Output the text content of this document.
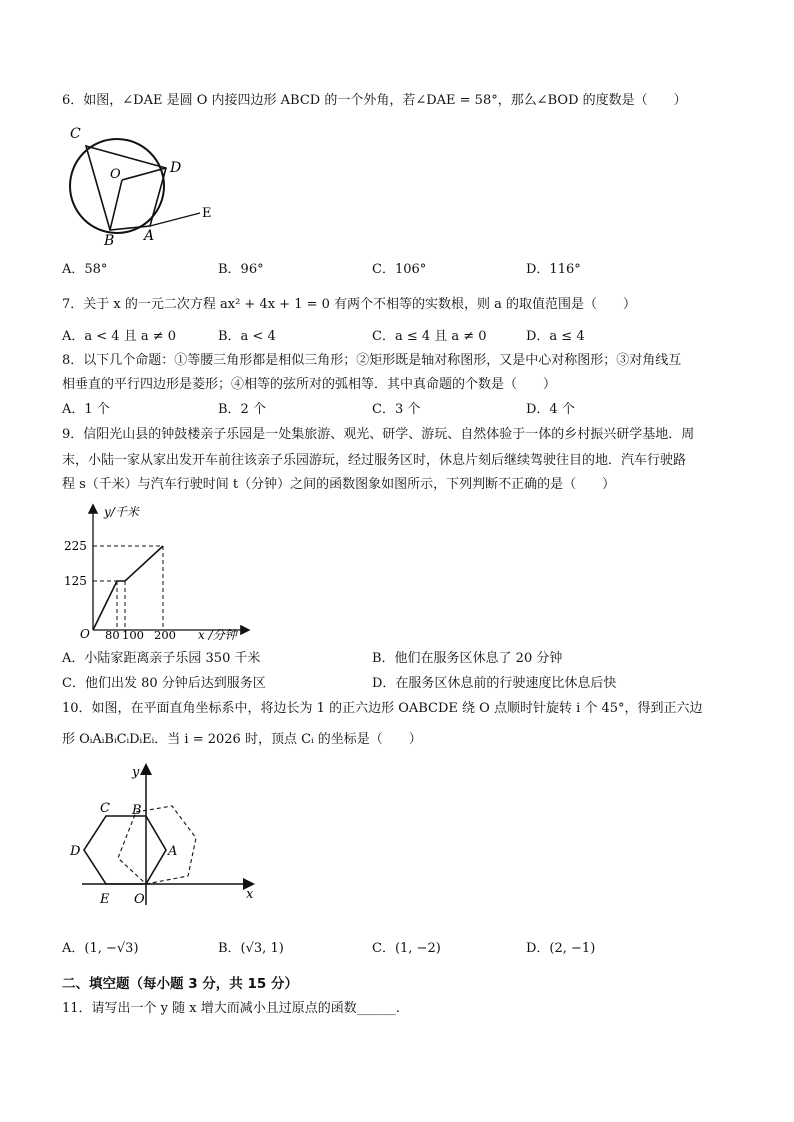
6．如图，∠DAE 是圆 O 内接四边形 ABCD 的一个外角，若∠DAE = 58°，那么∠BOD 的度数是（　　）
C
O	D
E
B A
A．58°	B．96°	C．106°	D．116°
7．关于 x 的一元二次方程 ax² + 4x + 1 = 0 有两个不相等的实数根，则 a 的取值范围是（　　）
A．a < 4 且 a ≠ 0	B．a < 4	C．a ≤ 4 且 a ≠ 0	D．a ≤ 4
8．以下几个命题：①等腰三角形都是相似三角形；②矩形既是轴对称图形，又是中心对称图形；③对角线互
相垂直的平行四边形是菱形；④相等的弦所对的弧相等．其中真命题的个数是（　　）
A．1 个	B．2 个	C．3 个	D．4 个
9．信阳光山县的钟鼓楼亲子乐园是一处集旅游、观光、研学、游玩、自然体验于一体的乡村振兴研学基地．周
末，小陆一家从家出发开车前往该亲子乐园游玩，经过服务区时，休息片刻后继续驾驶往目的地．汽车行驶路
程 s（千米）与汽车行驶时间 t（分钟）之间的函数图象如图所示，下列判断不正确的是（　　）
y/千米
225
125
O 80 100 200 x /分钟
A．小陆家距离亲子乐园 350 千米	B．他们在服务区休息了 20 分钟
C．他们出发 80 分钟后达到服务区	D．在服务区休息前的行驶速度比休息后快
10．如图，在平面直角坐标系中，将边长为 1 的正六边形 OABCDE 绕 O 点顺时针旋转 i 个 45°，得到正六边
形 OᵢAᵢBᵢCᵢDᵢEᵢ．当 i = 2026 时，顶点 Cᵢ 的坐标是（　　）
y
x
C B
D	A
E O
A．(1, −√3)	B．(√3, 1)	C．(1, −2)	D．(2, −1)
二、填空题（每小题 3 分，共 15 分）
11．请写出一个 y 随 x 增大而减小且过原点的函数______.
